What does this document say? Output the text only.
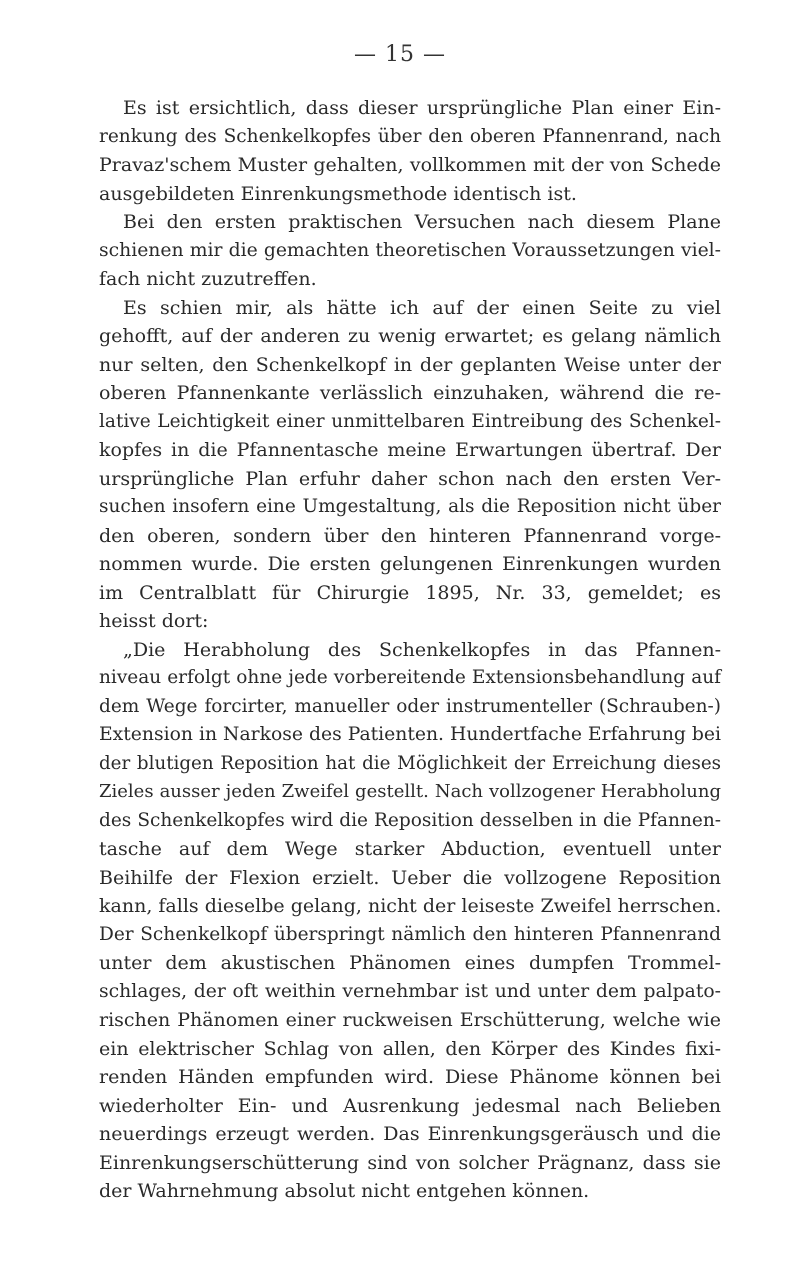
— 15 —
Es ist ersichtlich, dass dieser ursprüngliche Plan einer Ein-
renkung des Schenkelkopfes über den oberen Pfannenrand, nach
Pravaz'schem Muster gehalten, vollkommen mit der von Schede
ausgebildeten Einrenkungsmethode identisch ist.
Bei den ersten praktischen Versuchen nach diesem Plane
schienen mir die gemachten theoretischen Voraussetzungen viel-
fach nicht zuzutreffen.
Es schien mir, als hätte ich auf der einen Seite zu viel
gehofft, auf der anderen zu wenig erwartet; es gelang nämlich
nur selten, den Schenkelkopf in der geplanten Weise unter der
oberen Pfannenkante verlässlich einzuhaken, während die re-
lative Leichtigkeit einer unmittelbaren Eintreibung des Schenkel-
kopfes in die Pfannentasche meine Erwartungen übertraf. Der
ursprüngliche Plan erfuhr daher schon nach den ersten Ver-
suchen insofern eine Umgestaltung, als die Reposition nicht über
den oberen, sondern über den hinteren Pfannenrand vorge-
nommen wurde. Die ersten gelungenen Einrenkungen wurden
im Centralblatt für Chirurgie 1895, Nr. 33, gemeldet; es
heisst dort:
„Die Herabholung des Schenkelkopfes in das Pfannen-
niveau erfolgt ohne jede vorbereitende Extensionsbehandlung auf
dem Wege forcirter, manueller oder instrumenteller (Schrauben-)
Extension in Narkose des Patienten. Hundertfache Erfahrung bei
der blutigen Reposition hat die Möglichkeit der Erreichung dieses
Zieles ausser jeden Zweifel gestellt. Nach vollzogener Herabholung
des Schenkelkopfes wird die Reposition desselben in die Pfannen-
tasche auf dem Wege starker Abduction, eventuell unter
Beihilfe der Flexion erzielt. Ueber die vollzogene Reposition
kann, falls dieselbe gelang, nicht der leiseste Zweifel herrschen.
Der Schenkelkopf überspringt nämlich den hinteren Pfannenrand
unter dem akustischen Phänomen eines dumpfen Trommel-
schlages, der oft weithin vernehmbar ist und unter dem palpato-
rischen Phänomen einer ruckweisen Erschütterung, welche wie
ein elektrischer Schlag von allen, den Körper des Kindes fixi-
renden Händen empfunden wird. Diese Phänome können bei
wiederholter Ein- und Ausrenkung jedesmal nach Belieben
neuerdings erzeugt werden. Das Einrenkungsgeräusch und die
Einrenkungserschütterung sind von solcher Prägnanz, dass sie
der Wahrnehmung absolut nicht entgehen können.
